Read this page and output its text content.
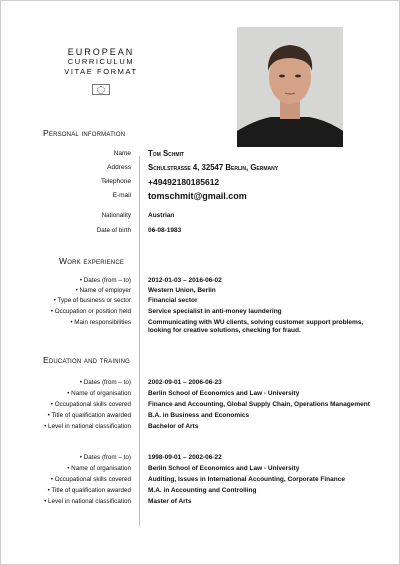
EUROPEAN
CURRICULUM
VITAE FORMAT
Personal information
Name Tom Schmit
Address Schulstrasse 4, 32547 Berlin, Germany
Telephone +49492180185612
E-mail tomschmit@gmail.com
Nationality	Austrian
Date of birth	06-08-1983
Work experience
• Dates (from – to)	2012-01-03 – 2016-06-02
• Name of employer	Western Union, Berlin
• Type of business or sector	Financial sector
• Occupation or position held	Service specialist in anti-money laundering
• Main responsibilities	Communicating with WU clients, solving customer support problems, looking for creative solutions, checking for fraud.
Education and training
• Dates (from – to)	2002-09-01 – 2006-06-23
• Name of organisation	Berlin School of Economics and Law - University
• Occupational skills covered	Finance and Accounting, Global Supply Chain, Operations Management
• Title of qualification awarded	B.A. in Business and Economics
• Level in national classification	Bachelor of Arts
• Dates (from – to)	1998-09-01 – 2002-06-22
• Name of organisation	Berlin School of Economics and Law - University
• Occupational skills covered	Auditing, Issues in International Accounting, Corporate Finance
• Title of qualification awarded	M.A. in Accounting and Controlling
• Level in national classification	Master of Arts
